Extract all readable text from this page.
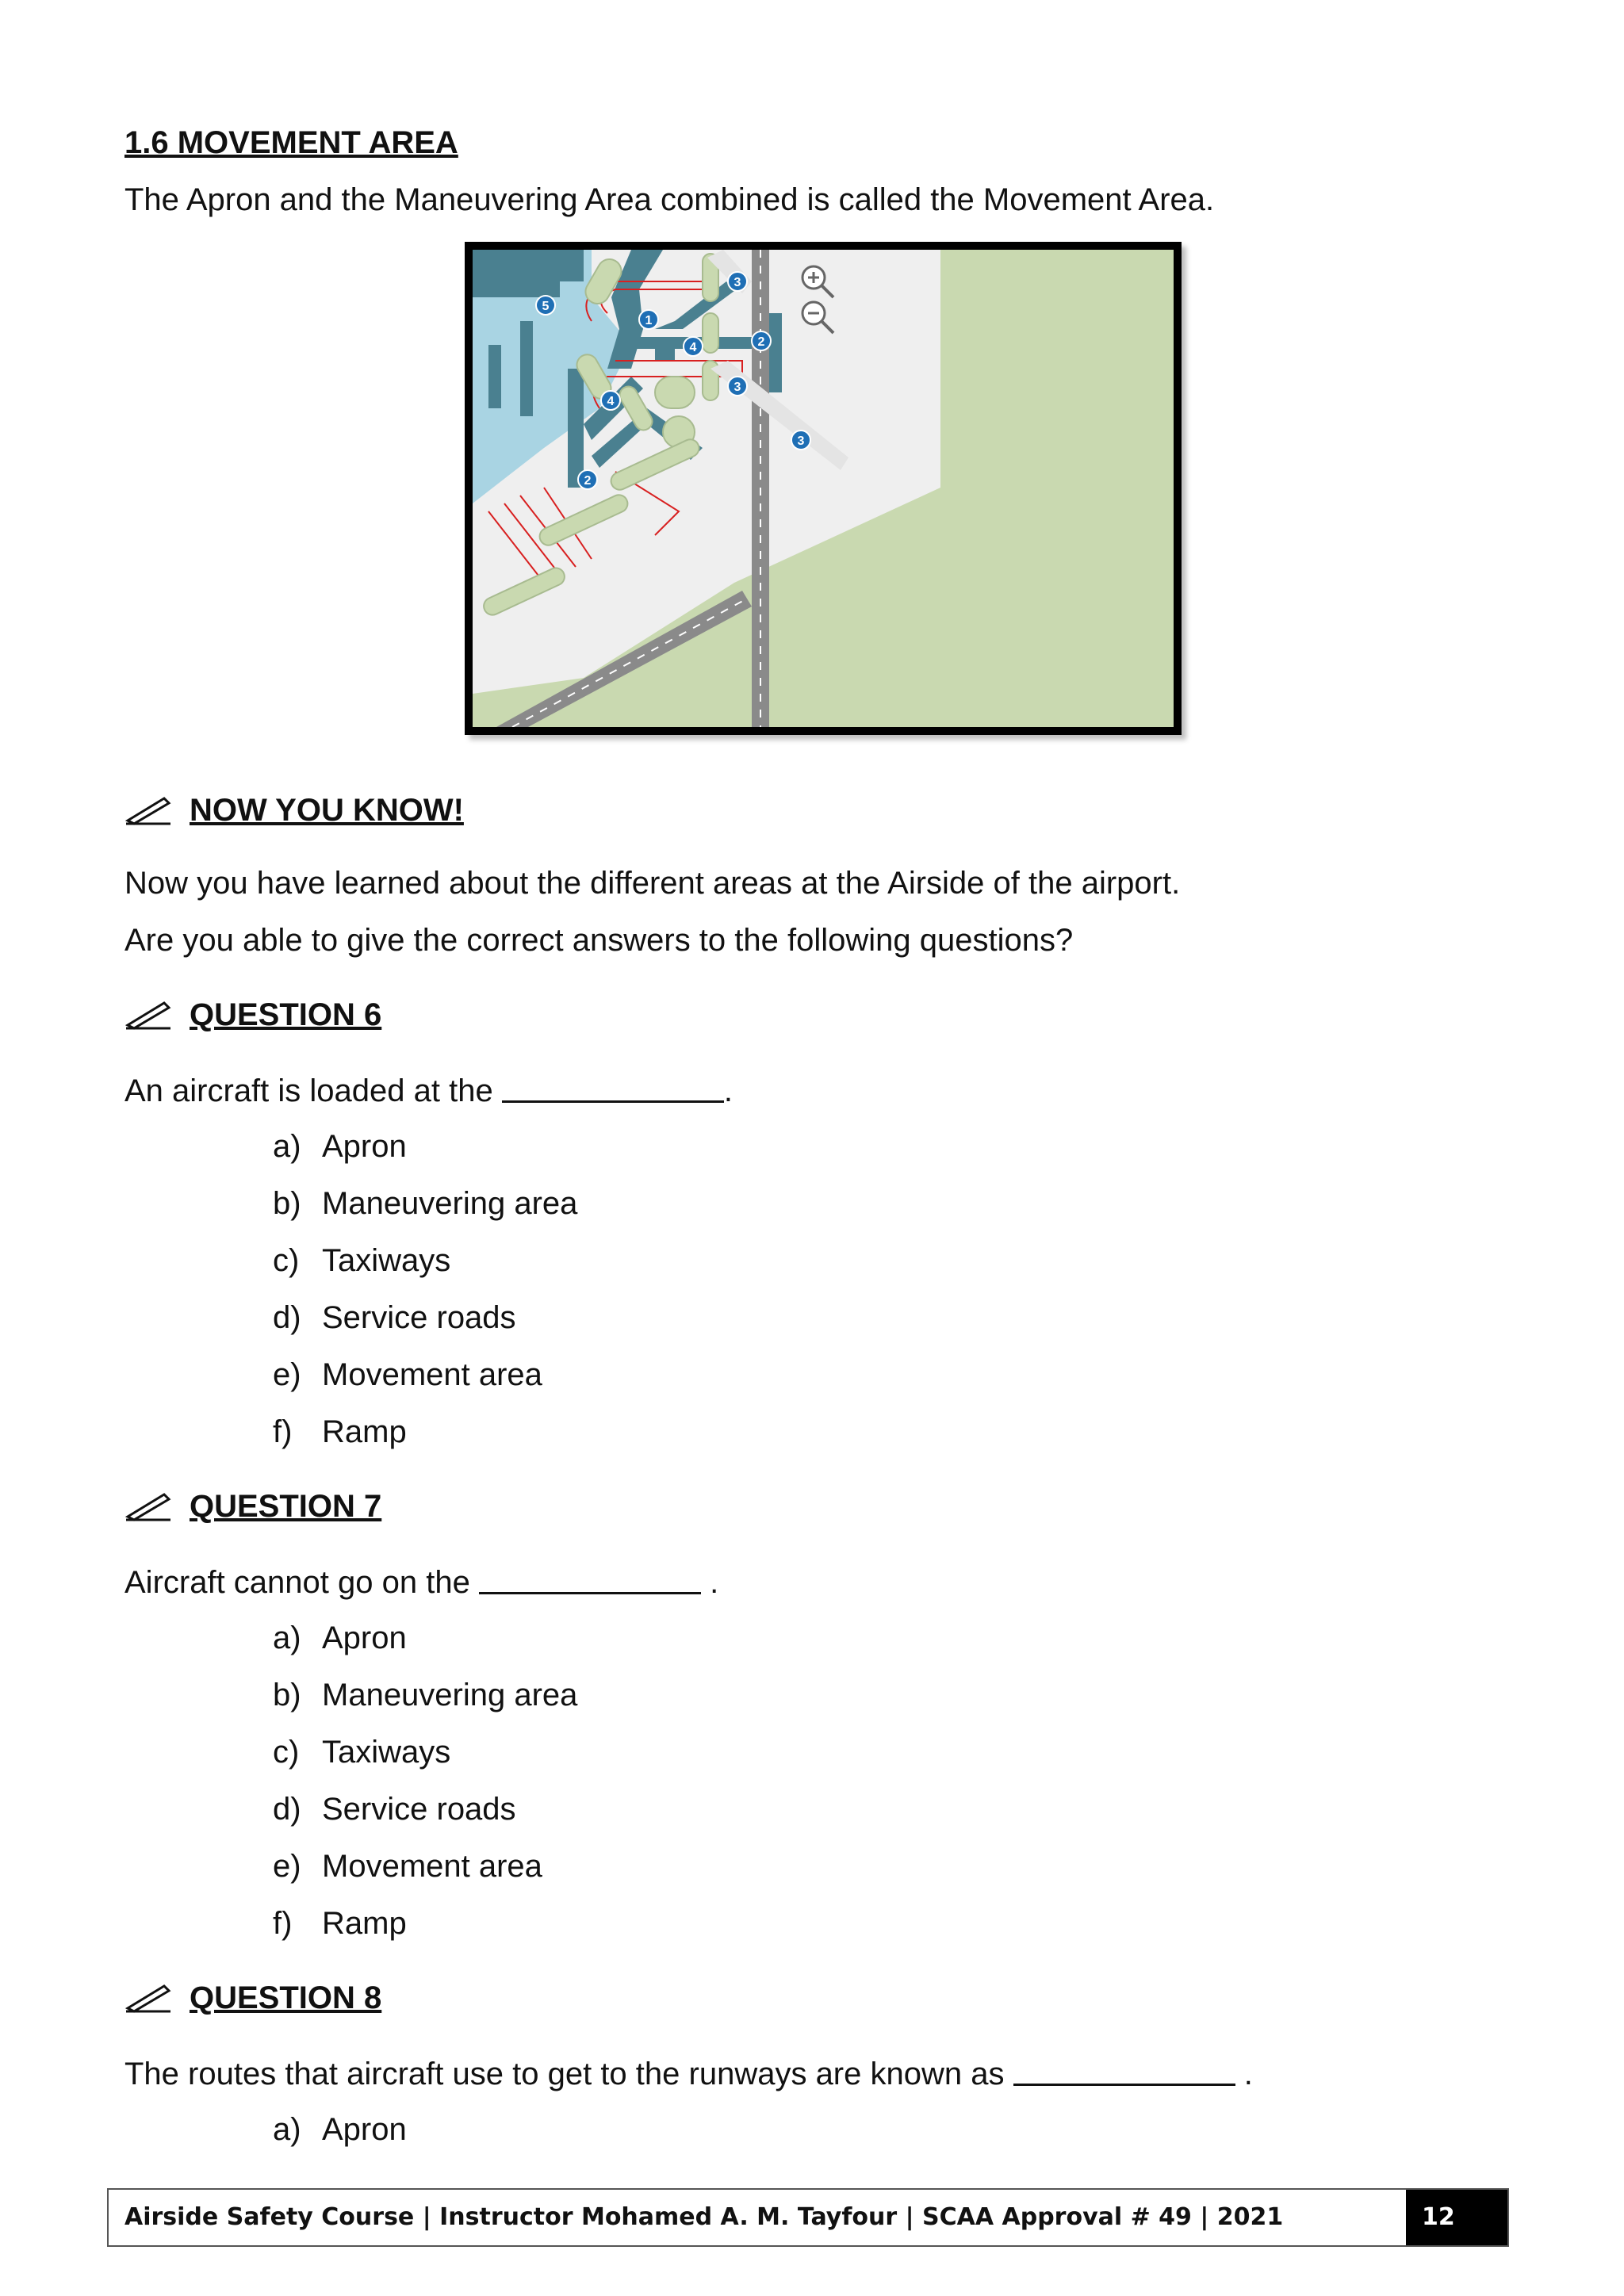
1.6 MOVEMENT AREA
The Apron and the Maneuvering Area combined is called the Movement Area.
1
2
2
3
3
3
4
4
5
NOW YOU KNOW!
Now you have learned about the different areas at the Airside of the airport.
Are you able to give the correct answers to the following questions?
QUESTION 6
An aircraft is loaded at the	.
a) Apron
b) Maneuvering area
c) Taxiways
d) Service roads
e) Movement area
f) Ramp
QUESTION 7
Aircraft cannot go on the	.
a) Apron
b) Maneuvering area
c) Taxiways
d) Service roads
e) Movement area
f) Ramp
QUESTION 8
The routes that aircraft use to get to the runways are known as	.
a) Apron
Airside Safety Course | Instructor Mohamed A. M. Tayfour | SCAA Approval # 49 | 2021	12
